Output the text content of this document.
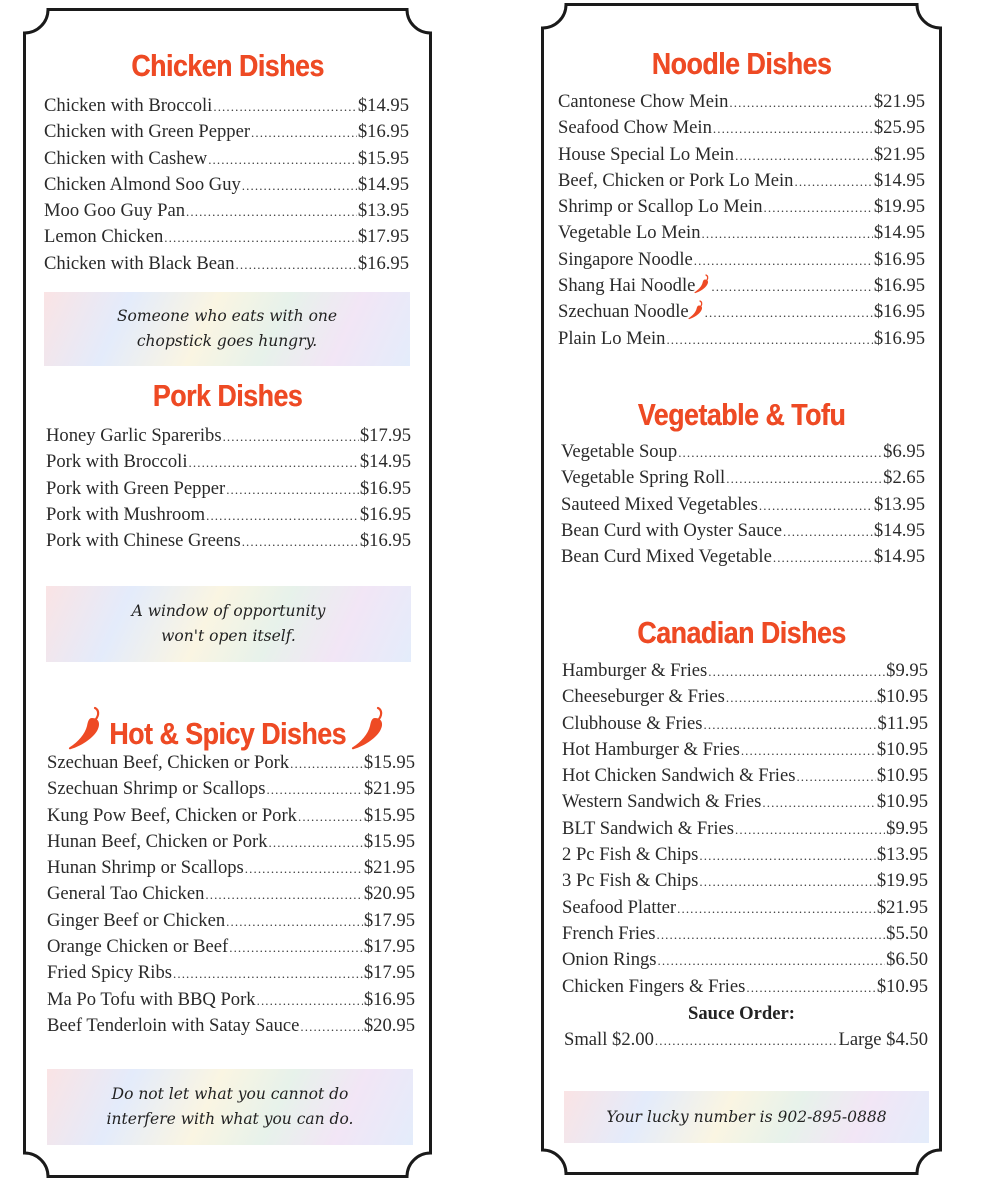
Chicken Dishes
Chicken with Broccoli .....	$14.95
Chicken with Green Pepper .....	$16.95
Chicken with Cashew .....	$15.95
Chicken Almond Soo Guy .....	$14.95
Moo Goo Guy Pan .....	$13.95
Lemon Chicken .....	$17.95
Chicken with Black Bean .....	$16.95
Someone who eats with one
chopstick goes hungry.
Pork Dishes
Honey Garlic Spareribs .....	$17.95
Pork with Broccoli .....	$14.95
Pork with Green Pepper .....	$16.95
Pork with Mushroom .....	$16.95
Pork with Chinese Greens .....	$16.95
A window of opportunity
won't open itself.
Hot & Spicy Dishes
Szechuan Beef, Chicken or Pork .....	$15.95
Szechuan Shrimp or Scallops .....	$21.95
Kung Pow Beef, Chicken or Pork .....	$15.95
Hunan Beef, Chicken or Pork .....	$15.95
Hunan Shrimp or Scallops .....	$21.95
General Tao Chicken .....	$20.95
Ginger Beef or Chicken .....	$17.95
Orange Chicken or Beef .....	$17.95
Fried Spicy Ribs .....	$17.95
Ma Po Tofu with BBQ Pork .....	$16.95
Beef Tenderloin with Satay Sauce .....	$20.95
Do not let what you cannot do
interfere with what you can do.
Noodle Dishes
Cantonese Chow Mein .....	$21.95
Seafood Chow Mein .....	$25.95
House Special Lo Mein .....	$21.95
Beef, Chicken or Pork Lo Mein .....	$14.95
Shrimp or Scallop Lo Mein .....	$19.95
Vegetable Lo Mein .....	$14.95
Singapore Noodle .....	$16.95
Shang Hai Noodle .....	$16.95
Szechuan Noodle .....	$16.95
Plain Lo Mein .....	$16.95
Vegetable & Tofu
Vegetable Soup .....	$6.95
Vegetable Spring Roll .....	$2.65
Sauteed Mixed Vegetables .....	$13.95
Bean Curd with Oyster Sauce .....	$14.95
Bean Curd Mixed Vegetable .....	$14.95
Canadian Dishes
Hamburger & Fries .....	$9.95
Cheeseburger & Fries .....	$10.95
Clubhouse & Fries .....	$11.95
Hot Hamburger & Fries .....	$10.95
Hot Chicken Sandwich & Fries .....	$10.95
Western Sandwich & Fries .....	$10.95
BLT Sandwich & Fries .....	$9.95
2 Pc Fish & Chips .....	$13.95
3 Pc Fish & Chips .....	$19.95
Seafood Platter .....	$21.95
French Fries .....	$5.50
Onion Rings .....	$6.50
Chicken Fingers & Fries .....	$10.95
Sauce Order:
Small $2.00 .....	Large $4.50
Your lucky number is 902-895-0888
